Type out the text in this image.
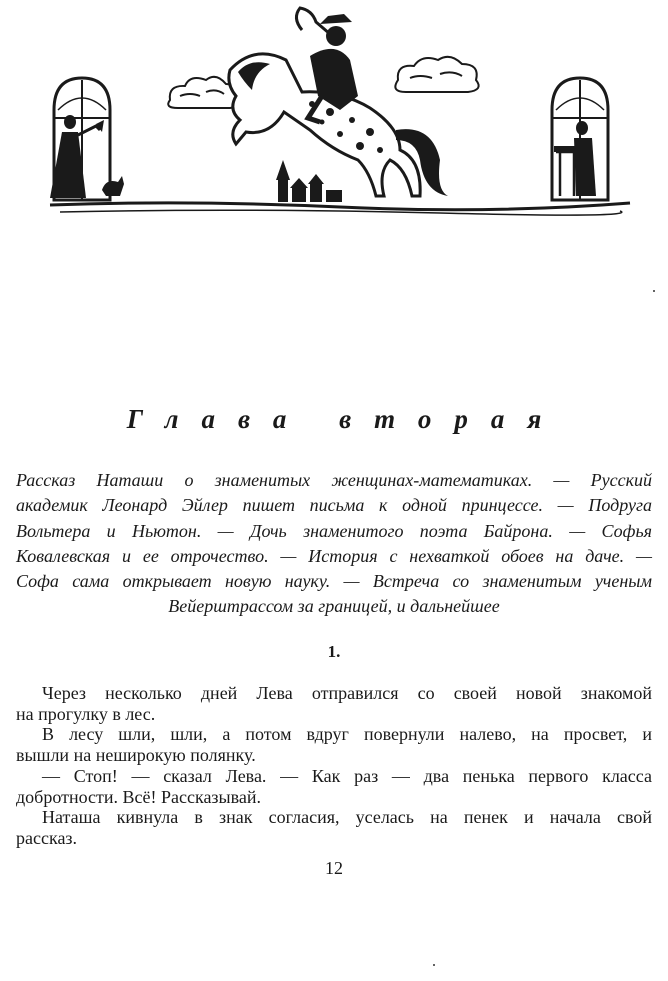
Глава вторая
Рассказ Наташи о знаменитых женщинах-математиках. — Русский
академик Леонард Эйлер пишет письма к одной принцессе. — Подруга
Вольтера и Ньютон. — Дочь знаменитого поэта Байрона. — Софья
Ковалевская и ее отрочество. — История с нехваткой обоев на даче. —
Софа сама открывает новую науку. — Встреча со знаменитым ученым
Вейерштрассом за границей, и дальнейшее
1.
Через несколько дней Лева отправился со своей новой знакомой
на прогулку в лес.
В лесу шли, шли, а потом вдруг повернули налево, на просвет, и
вышли на неширокую полянку.
— Стоп! — сказал Лева. — Как раз — два пенька первого класса
добротности. Всё! Рассказывай.
Наташа кивнула в знак согласия, уселась на пенек и начала свой
рассказ.
12
